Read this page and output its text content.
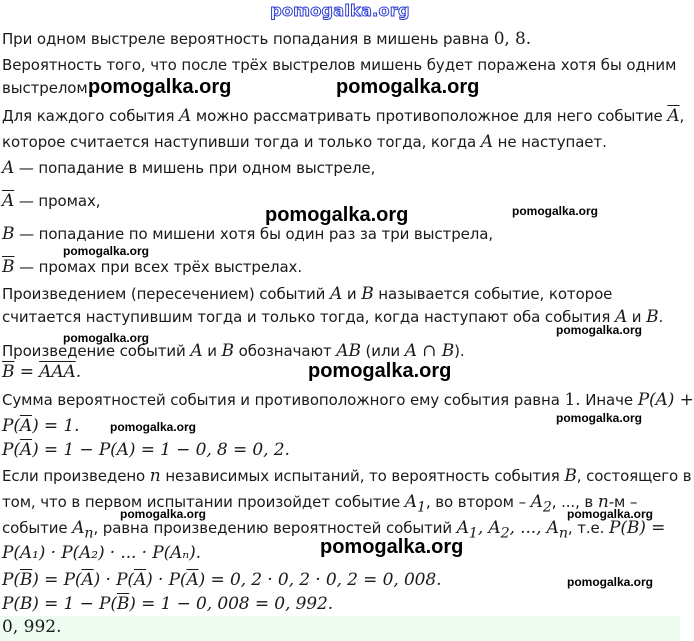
pomogalka.org
При одном выстреле вероятность попадания в мишень равна 0, 8.
Вероятность того, что после трёх выстрелов мишень будет поражена хотя бы одним
выстрелом.
Для каждого события A можно рассматривать противоположное для него событие $\overline{A}$,
которое считается наступивши тогда и только тогда, когда A не наступает.
A — попадание в мишень при одном выстреле,
$\overline{A}$ — промах,
B — попадание по мишени хотя бы один раз за три выстрела,
$\overline{B}$ — промах при всех трёх выстрелах.
Произведением (пересечением) событий A и B называется событие, которое
считается наступившим тогда и только тогда, когда наступают оба события A и B.
Произведение событий A и B обозначают AB (или A ∩ B).
$\overline{B} = \overline{AAA}$.
Сумма вероятностей события и противоположного ему события равна 1. Иначе P(A) +
$P(\overline{A}) = 1$.
$P(\overline{A}) = 1 - P(A) = 1 - 0$, 8 = 0, 2.
Если произведено n независимых испытаний, то вероятность события B, состоящего в
том, что в первом испытании произойдет событие $A_1$, во втором – $A_2$, ..., в n-м –
событие $A_n$, равна произведению вероятностей событий $A_1$, $A_2$, ..., $A_n$, т.е. P(B) =
P(A₁) · P(A₂) · ... · P(Aₙ).
$P(\overline{B}) = P(\overline{A}) \cdot P(\overline{A}) \cdot P(\overline{A}) = 0$, 2 · 0, 2 · 0, 2 = 0, 008.
$P(B) = 1 - P(\overline{B}) = 1 - 0$, 008 = 0, 992.
0, 992.
pomogalka.org	pomogalka.org
pomogalka.org	pomogalka.org
pomogalka.org
pomogalka.org
pomogalka.org
pomogalka.org
pomogalka.org
pomogalka.org
pomogalka.org
pomogalka.org
pomogalka.org
pomogalka.org
